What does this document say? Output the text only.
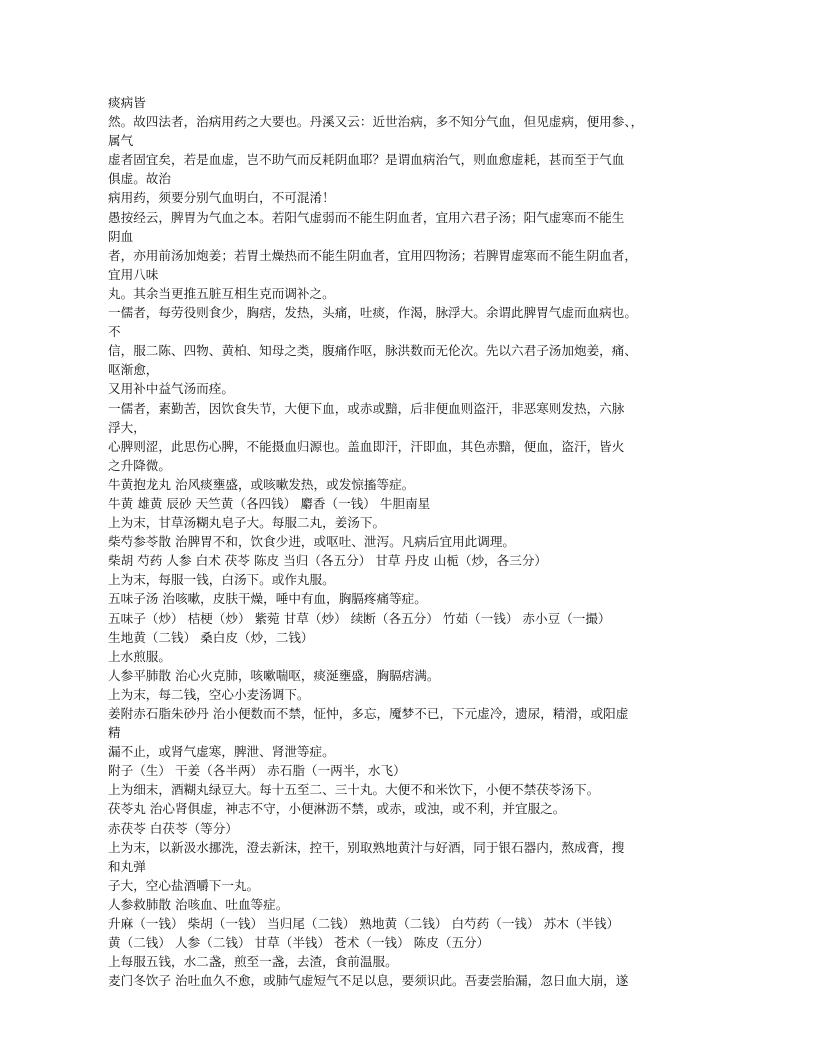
痰病皆
然。故四法者，治病用药之大要也。丹溪又云：近世治病，多不知分气血，但见虚病，便用参、，
属气
虚者固宜矣，若是血虚，岂不助气而反耗阴血耶？是谓血病治气，则血愈虚耗，甚而至于气血
俱虚。故治
病用药，须要分别气血明白，不可混淆！
愚按经云，脾胃为气血之本。若阳气虚弱而不能生阴血者，宜用六君子汤；阳气虚寒而不能生
阴血
者，亦用前汤加炮姜；若胃土燥热而不能生阴血者，宜用四物汤；若脾胃虚寒而不能生阴血者，
宜用八味
丸。其余当更推五脏互相生克而调补之。
一儒者，每劳役则食少，胸痞，发热，头痛，吐痰，作渴，脉浮大。余谓此脾胃气虚而血病也。
不
信，服二陈、四物、黄柏、知母之类，腹痛作呕，脉洪数而无伦次。先以六君子汤加炮姜，痛、
呕渐愈，
又用补中益气汤而痊。
一儒者，素勤苦，因饮食失节，大便下血，或赤或黯，后非便血则盗汗，非恶寒则发热，六脉
浮大，
心脾则涩，此思伤心脾，不能摄血归源也。盖血即汗，汗即血，其色赤黯，便血，盗汗，皆火
之升降微。
牛黄抱龙丸 治风痰壅盛，或咳嗽发热，或发惊搐等症。
牛黄 雄黄 辰砂 天竺黄（各四钱） 麝香（一钱） 牛胆南星
上为末，甘草汤糊丸皂子大。每服二丸，姜汤下。
柴芍参苓散 治脾胃不和，饮食少进，或呕吐、泄泻。凡病后宜用此调理。
柴胡 芍药 人参 白术 茯苓 陈皮 当归（各五分） 甘草 丹皮 山栀（炒，各三分）
上为末，每服一钱，白汤下。或作丸服。
五味子汤 治咳嗽，皮肤干燥，唾中有血，胸膈疼痛等症。
五味子（炒） 桔梗（炒） 紫菀 甘草（炒） 续断（各五分） 竹茹（一钱） 赤小豆（一撮）
生地黄（二钱） 桑白皮（炒，二钱）
上水煎服。
人参平肺散 治心火克肺，咳嗽喘呕，痰涎壅盛，胸膈痞满。
上为末，每二钱，空心小麦汤调下。
姜附赤石脂朱砂丹 治小便数而不禁，怔忡，多忘，魇梦不已，下元虚冷，遗尿，精滑，或阳虚
精
漏不止，或肾气虚寒，脾泄、肾泄等症。
附子（生） 干姜（各半两） 赤石脂（一两半，水飞）
上为细末，酒糊丸绿豆大。每十五至二、三十丸。大便不和米饮下，小便不禁茯苓汤下。
茯苓丸 治心肾俱虚，神志不守，小便淋沥不禁，或赤，或浊，或不利，并宜服之。
赤茯苓 白茯苓（等分）
上为末，以新汲水挪洗，澄去新沫，控干，别取熟地黄汁与好酒，同于银石器内，熬成膏，搜
和丸弹
子大，空心盐酒嚼下一丸。
人参救肺散 治咳血、吐血等症。
升麻（一钱） 柴胡（一钱） 当归尾（二钱） 熟地黄（二钱） 白芍药（一钱） 苏木（半钱）
黄（二钱） 人参（二钱） 甘草（半钱） 苍术（一钱） 陈皮（五分）
上每服五钱，水二盏，煎至一盏，去渣，食前温服。
麦门冬饮子 治吐血久不愈，或肺气虚短气不足以息，要须识此。吾妻尝胎漏，忽日血大崩，遂
